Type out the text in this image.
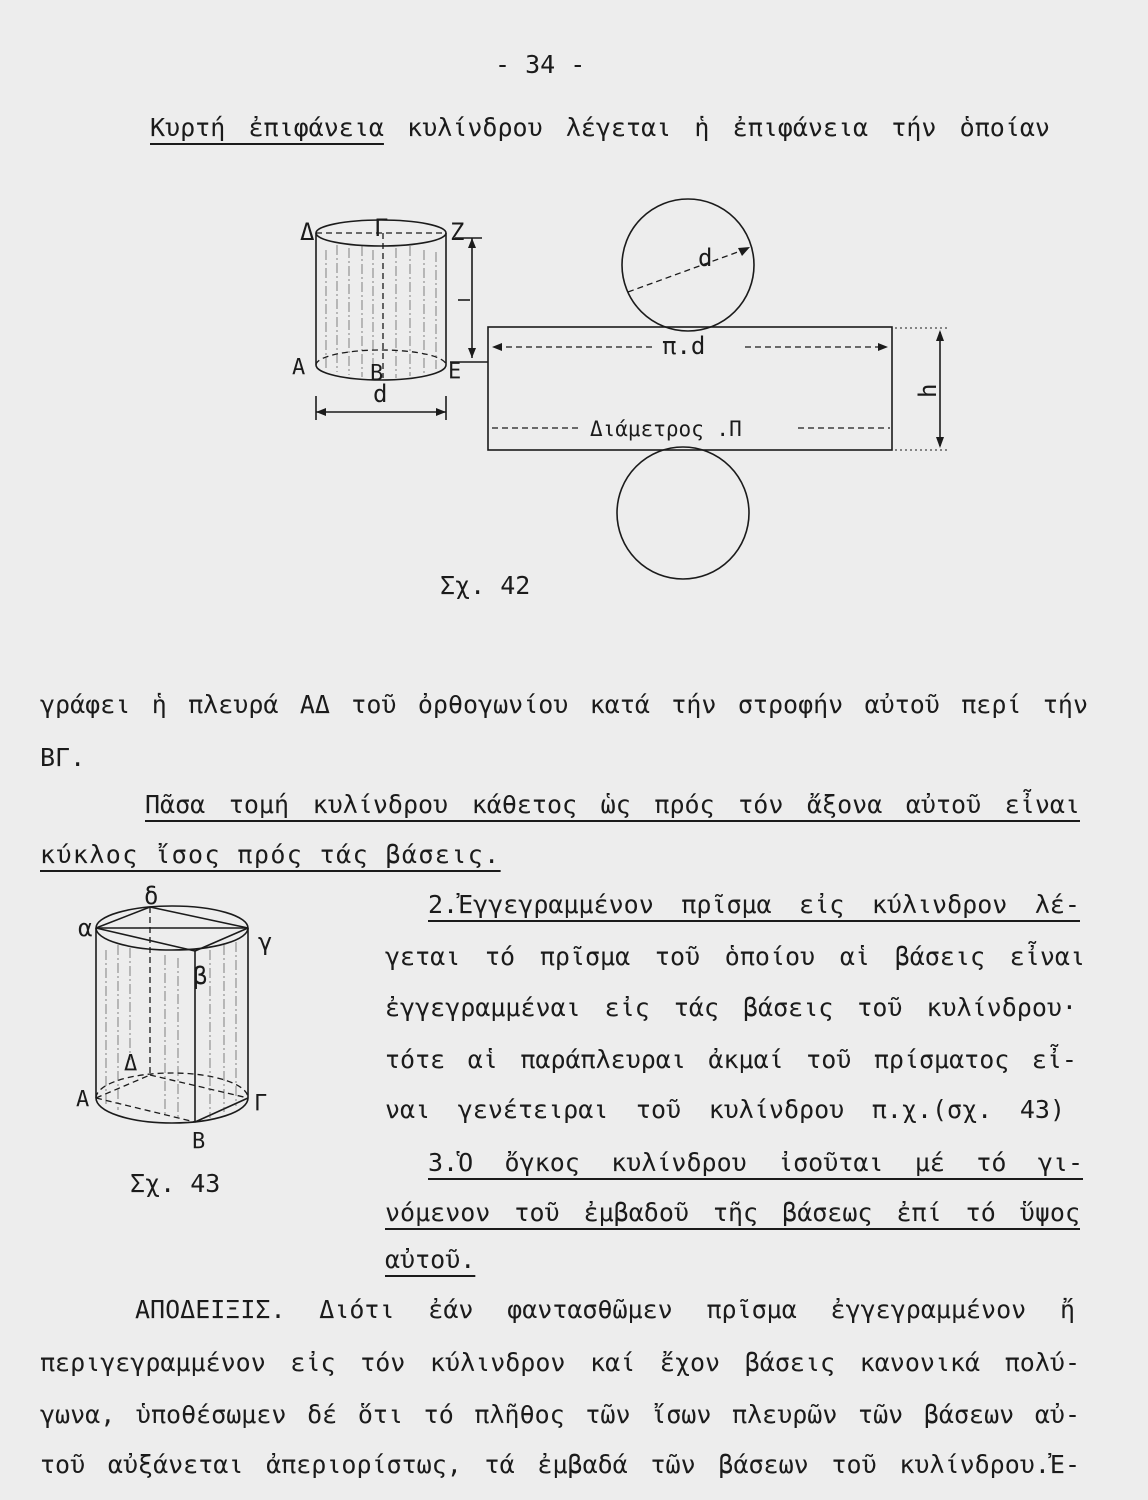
Δ Γ	Ζ
Α	Β	Ε
d
d
π.d
Διάμετρος .Π
h
Σχ. 42
δ
α	γ
β
Δ
Α	Γ
Β
Σχ. 43
- 34 -
Κυρτή ἐπιφάνεια κυλίνδρου λέγεται ἡ ἐπιφάνεια τήν ὁποίαν
γράφει ἡ πλευρά ΑΔ τοῦ ὀρθογωνίου κατά τήν στροφήν αὐτοῦ περί τήν
ΒΓ.
Πᾶσα τομή κυλίνδρου κάθετος ὡς πρός τόν ἄξονα αὐτοῦ εἶναι
κύκλος ἴσος πρός τάς βάσεις.
2.Ἐγγεγραμμένον πρῖσμα εἰς κύλινδρον λέ-
γεται τό πρῖσμα τοῦ ὁποίου αἱ βάσεις εἶναι
ἐγγεγραμμέναι εἰς τάς βάσεις τοῦ κυλίνδρου·
τότε αἱ παράπλευραι ἀκμαί τοῦ πρίσματος εἶ-
ναι γενέτειραι τοῦ κυλίνδρου π.χ.(σχ. 43)
3.Ὁ ὄγκος κυλίνδρου ἰσοῦται μέ τό γι-
νόμενον τοῦ ἐμβαδοῦ τῆς βάσεως ἐπί τό ὕψος
αὐτοῦ.
ΑΠΟΔΕΙΞΙΣ. Διότι ἐάν φαντασθῶμεν πρῖσμα ἐγγεγραμμένον ἤ
περιγεγραμμένον εἰς τόν κύλινδρον καί ἔχον βάσεις κανονικά πολύ-
γωνα, ὑποθέσωμεν δέ ὅτι τό πλῆθος τῶν ἴσων πλευρῶν τῶν βάσεων αὐ-
τοῦ αὐξάνεται ἀπεριορίστως, τά ἐμβαδά τῶν βάσεων τοῦ κυλίνδρου.Ἐ-
